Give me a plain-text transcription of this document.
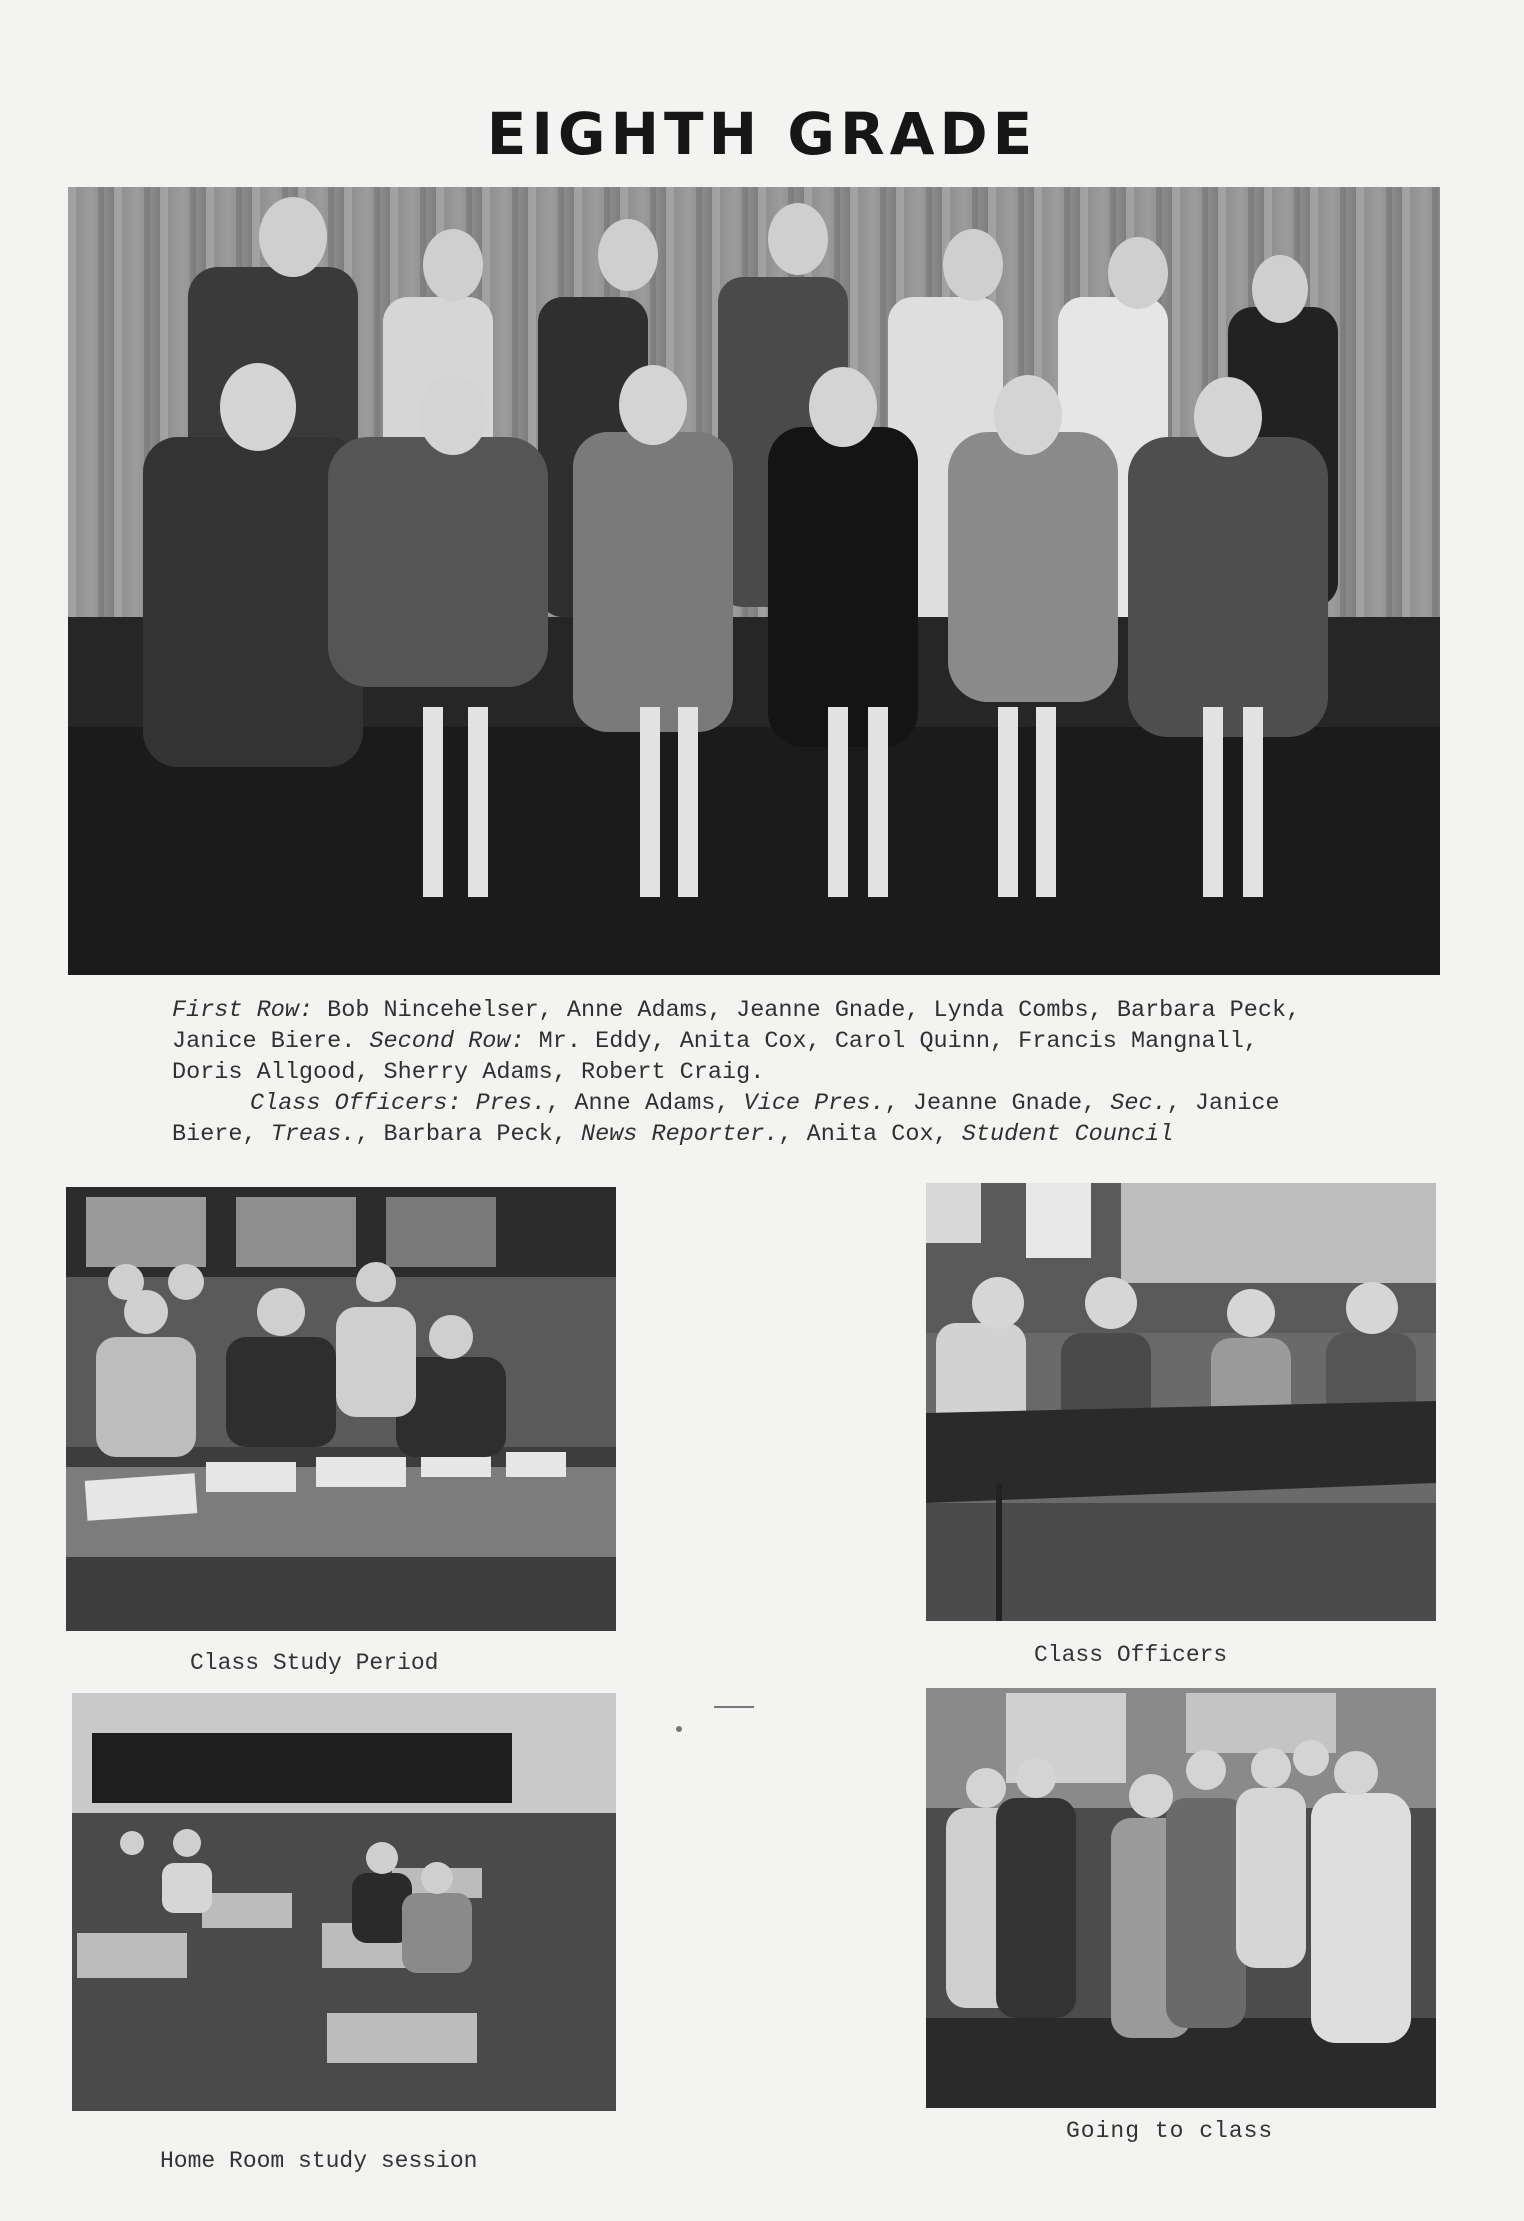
EIGHTH GRADE

First Row: Bob Nincehelser, Anne Adams, Jeanne Gnade, Lynda Combs, Barbara Peck,

Janice Biere. Second Row: Mr. Eddy, Anita Cox, Carol Quinn, Francis Mangnall,

Doris Allgood, Sherry Adams, Robert Craig.

Class Officers: Pres., Anne Adams, Vice Pres., Jeanne Gnade, Sec., Janice

Biere, Treas., Barbara Peck, News Reporter., Anita Cox, Student Council

Class Study Period	Class Officers
Home Room study session
Going to class
